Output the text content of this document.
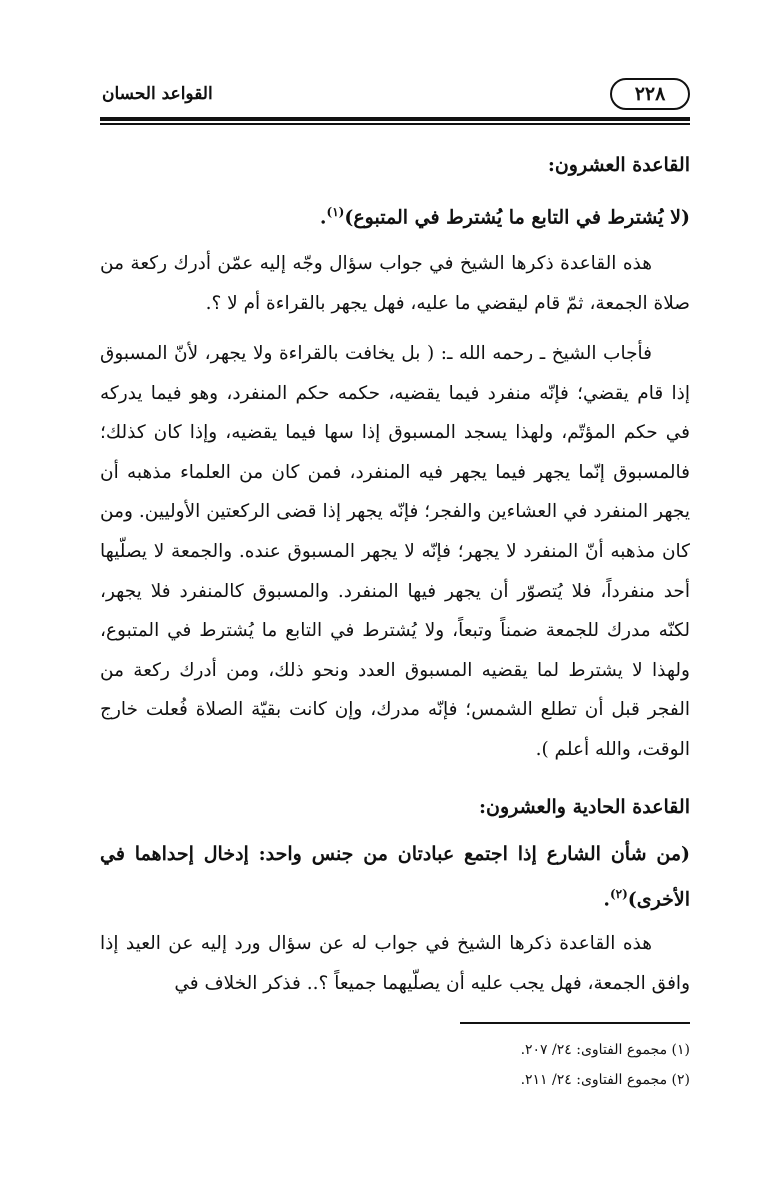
القواعد الحسان	٢٢٨
القاعدة العشرون:
(لا يُشترط في التابع ما يُشترط في المتبوع)$^{(١)}$.
هذه القاعدة ذكرها الشيخ في جواب سؤال وجّه إليه عمّن أدرك ركعة من صلاة الجمعة، ثمّ قام ليقضي ما عليه، فهل يجهر بالقراءة أم لا ؟.
فأجاب الشيخ ـ رحمه الله ـ: ( بل يخافت بالقراءة ولا يجهر، لأنّ المسبوق إذا قام يقضي؛ فإنّه منفرد فيما يقضيه، حكمه حكم المنفرد، وهو فيما يدركه في حكم المؤتّم، ولهذا يسجد المسبوق إذا سها فيما يقضيه، وإذا كان كذلك؛ فالمسبوق إنّما يجهر فيما يجهر فيه المنفرد، فمن كان من العلماء مذهبه أن يجهر المنفرد في العشاءين والفجر؛ فإنّه يجهر إذا قضى الركعتين الأوليين. ومن كان مذهبه أنّ المنفرد لا يجهر؛ فإنّه لا يجهر المسبوق عنده. والجمعة لا يصلّيها أحد منفرداً، فلا يُتصوّر أن يجهر فيها المنفرد. والمسبوق كالمنفرد فلا يجهر، لكنّه مدرك للجمعة ضمناً وتبعاً، ولا يُشترط في التابع ما يُشترط في المتبوع، ولهذا لا يشترط لما يقضيه المسبوق العدد ونحو ذلك، ومن أدرك ركعة من الفجر قبل أن تطلع الشمس؛ فإنّه مدرك، وإن كانت بقيّة الصلاة فُعلت خارج الوقت، والله أعلم ).
القاعدة الحادية والعشرون:
(من شأن الشارع إذا اجتمع عبادتان من جنس واحد: إدخال إحداهما في الأخرى)$^{(٢)}$.
هذه القاعدة ذكرها الشيخ في جواب له عن سؤال ورد إليه عن العيد إذا وافق الجمعة، فهل يجب عليه أن يصلّيهما جميعاً ؟.. فذكر الخلاف في
(١) مجموع الفتاوى: ٢٤/ ٢٠٧.
(٢) مجموع الفتاوى: ٢٤/ ٢١١.
